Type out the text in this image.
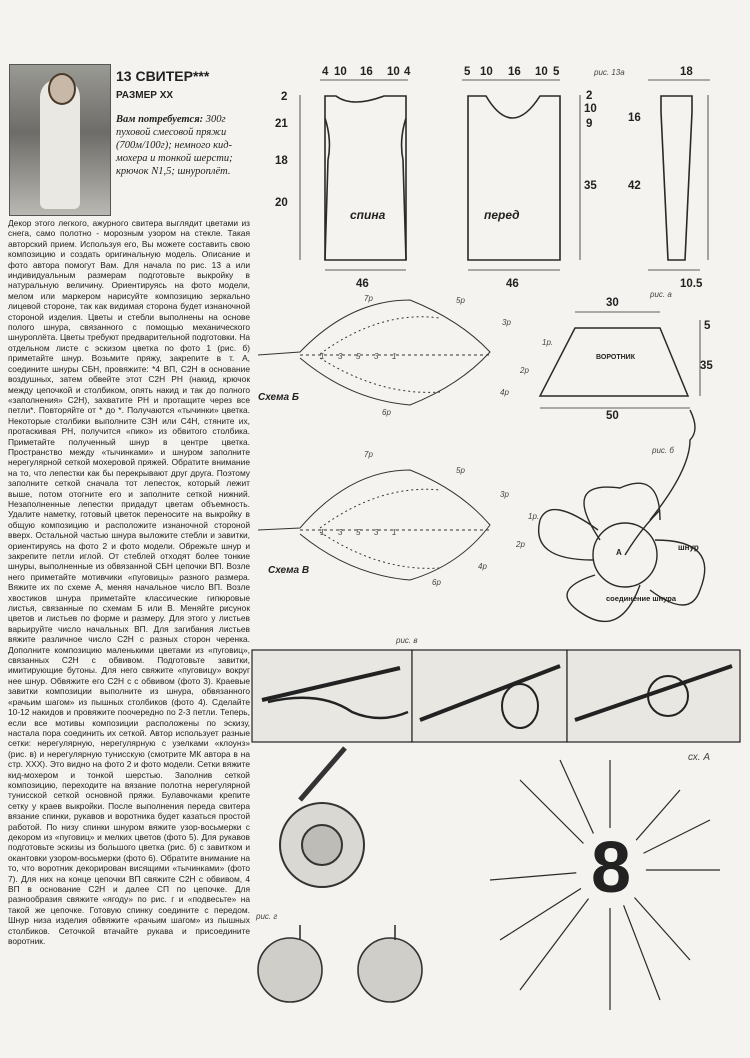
13 СВИТЕР***
РАЗМЕР XX
Вам потребуется: 300г пуховой смесовой пряжи (700м/100г); немного кид-мохера и тонкой шерсти; крючок N1,5; шнуроплёт.
Декор этого легкого, ажурного свитера выглядит цветами из снега, само полотно - морозным узором на стекле. Такая авторский прием. Используя его, Вы можете составить свою композицию и создать оригинальную модель. Описание и фото автора помогут Вам. Для начала по рис. 13 а или индивидуальным размерам подготовьте выкройку в натуральную величину. Ориентируясь на фото модели, мелом или маркером нарисуйте композицию зеркально лицевой стороне, так как видимая сторона будет изнаночной стороной изделия. Цветы и стебли выполнены на основе полого шнура, связанного с помощью механического шнуроплёта. Цветы требуют предварительной подготовки. На отдельном листе с эскизом цветка по фото 1 (рис. б) приметайте шнур. Возьмите пряжу, закрепите в т. А, соедините шнуры СБН, провяжите: *4 ВП, С2Н в основание воздушных, затем обвейте этот С2Н РН (накид, крючок между цепочкой и столбиком, опять накид и так до полного «заполнения» С2Н), захватите РН и протащите через все петли*. Повторяйте от * до *. Получаются «тычинки» цветка. Некоторые столбики выполните С3Н или С4Н, стяните их, протаскивая РН, получится «пико» из обвитого столбика. Приметайте полученный шнур в центре цветка. Пространство между «тычинками» и шнуром заполните нерегулярной сеткой мохеровой пряжей. Обратите внимание на то, что лепестки как бы перекрывают друг друга. Поэтому заполните сеткой сначала тот лепесток, который лежит выше, потом отогните его и заполните сеткой нижний. Незаполненные лепестки придадут цветам объемность. Удалите наметку, готовый цветок переносите на выкройку в общую композицию и расположите изнаночной стороной вверх. Остальной частью шнура выложите стебли и завитки, ориентируясь на фото 2 и фото модели. Обрежьте шнур и закрепите петли иглой. От стеблей отходят более тонкие шнуры, выполненные из обвязанной СБН цепочки ВП. Возле него приметайте мотивчики «пуговицы» разного размера. Вяжите их по схеме А, меняя начальное число ВП. Возле хвостиков шнура приметайте классические гипюровые листья, связанные по схемам Б или В. Меняйте рисунок цветов и листьев по форме и размеру. Для этого у листьев варьируйте число начальных ВП. Для загибания листьев вяжите различное число С2Н с разных сторон черенка. Дополните композицию маленькими цветами из «пуговиц», связанных С2Н с обвивом. Подготовьте завитки, имитирующие бутоны. Для него свяжите «пуговицу» вокруг нее шнур. Обвяжите его С2Н с с обвивом (фото 3). Краевые завитки композиции выполните из шнура, обвязанного «рачьим шагом» из пышных столбиков (фото 4). Сделайте 10-12 накидов и провяжите поочередно по 2-3 петли. Теперь, если все мотивы композиции расположены по эскизу, настала пора соединить их сеткой. Автор использует разные сетки: нерегулярную, нерегулярную с узелками «клоунз» (рис. в) и нерегулярную тунисскую (смотрите МК автора в на стр. XXX). Это видно на фото 2 и фото модели. Сетки вяжите кид-мохером и тонкой шерстью. Заполнив сеткой композицию, переходите на вязание полотна нерегулярной тунисской сеткой основной пряжи. Булавочками крепите сетку у краев выкройки. После выполнения переда свитера вязание спинки, рукавов и воротника будет казаться простой работой. По низу спинки шнуром вяжите узор-восьмерки с декором из «пуговиц» и мелких цветов (фото 5). Для рукавов подготовьте эскизы из большого цветка (рис. б) с завитком и окантовки узором-восьмерки (фото 6). Обратите внимание на то, что воротник декорирован висящими «тычинками» (фото 7). Для них на конце цепочки ВП свяжите С2Н с обвивом, 4 ВП в основание С2Н и далее СП по цепочке. Для разнообразия свяжите «ягоду» по рис. г и «подвесьте» на такой же цепочке. Готовую спинку соедините с передом. Шнур низа изделия обвяжите «рачьим шагом» из пышных столбиков. Сеточкой втачайте рукава и присоедините воротник.
рис. 13а
4 10 16 10 4	5 10 16 10 5	18
2
21
18
20
2
10
9
35
16
42
спина	перед
46	46	10.5
Схема Б
7р	5р
3р
1р.
2р
4р
6р
1 3 5 3 1
Схема В
7р
5р
3р
1р.
2р
4р
6р
1 3 5 3 1
рис. а
30
5
35
50
ВОРОТНИК
рис. б
A
шнур
соединение шнура
рис. в
рис. г
сх. А
8
